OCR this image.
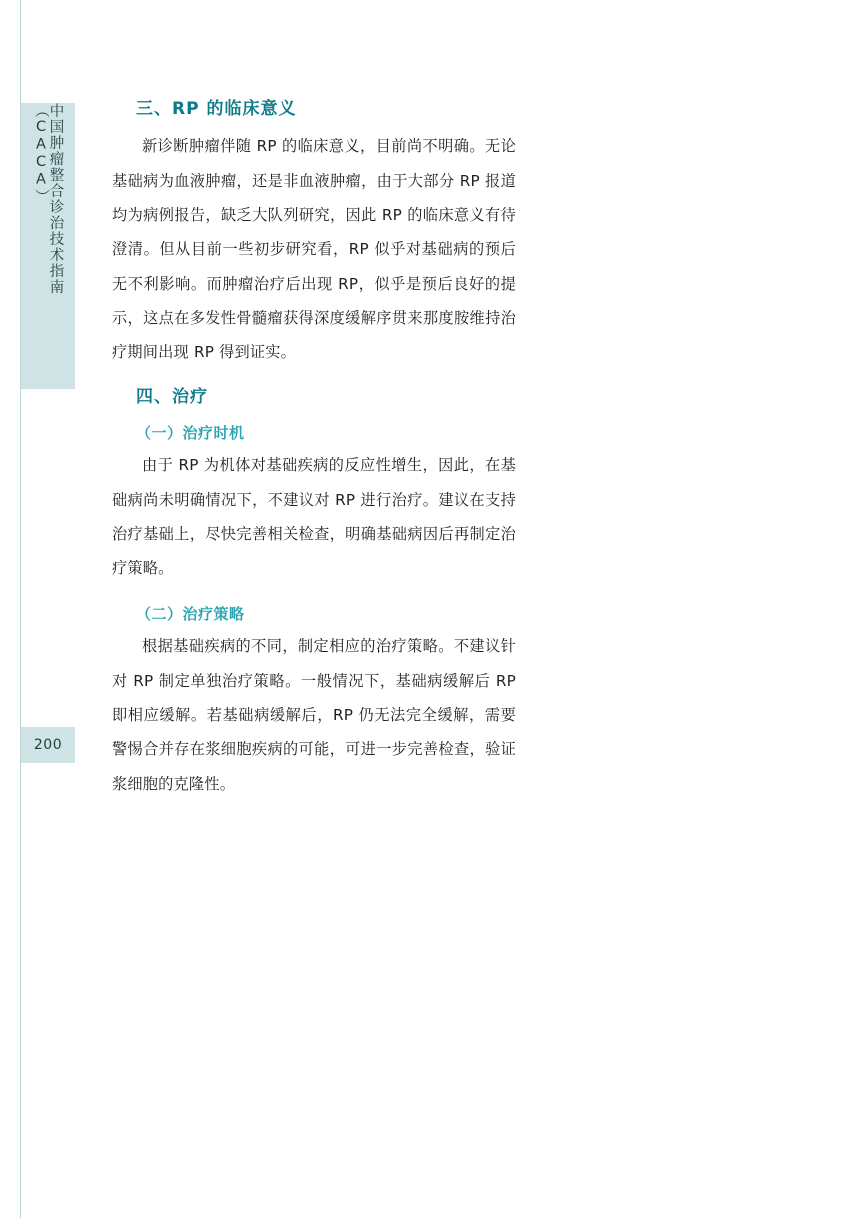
中国肿瘤整合诊治技术指南（CACA）
200
三、RP 的临床意义

新诊断肿瘤伴随 RP 的临床意义，目前尚不明确。无论基础病为血液肿瘤，还是非血液肿瘤，由于大部分 RP 报道均为病例报告，缺乏大队列研究，因此 RP 的临床意义有待澄清。但从目前一些初步研究看，RP 似乎对基础病的预后无不利影响。而肿瘤治疗后出现 RP，似乎是预后良好的提示，这点在多发性骨髓瘤获得深度缓解序贯来那度胺维持治疗期间出现 RP 得到证实。

四、治疗
（一）治疗时机

由于 RP 为机体对基础疾病的反应性增生，因此，在基础病尚未明确情况下，不建议对 RP 进行治疗。建议在支持治疗基础上，尽快完善相关检查，明确基础病因后再制定治疗策略。

（二）治疗策略

根据基础疾病的不同，制定相应的治疗策略。不建议针对 RP 制定单独治疗策略。一般情况下，基础病缓解后 RP 即相应缓解。若基础病缓解后，RP 仍无法完全缓解，需要警惕合并存在浆细胞疾病的可能，可进一步完善检查，验证浆细胞的克隆性。
